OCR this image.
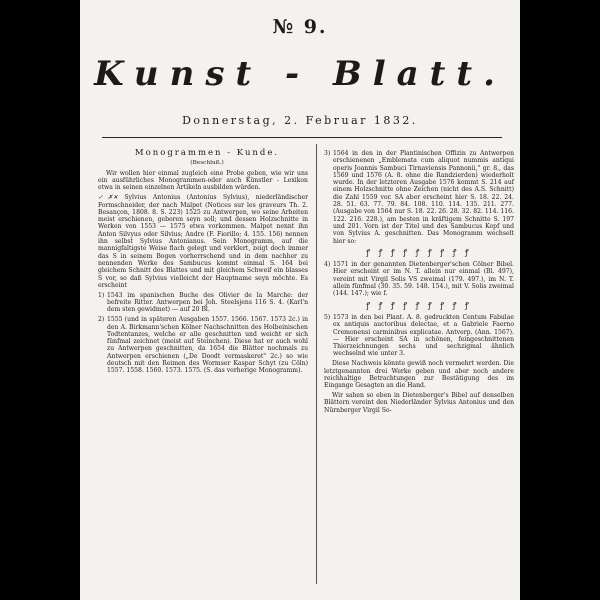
№ 9.
Kunst - Blatt.
Donnerstag, 2. Februar 1832.

Monogrammen - Kunde.

(Beschluß.)

Wir wollen hier einmal zugleich eine Probe geben, wie wir uns ein ausführliches Monogrammen-oder auch Künstler - Lexikon etwa in seinen einzelnen Artikeln ausbilden würden.

✓✗✕ Sylvius Antonius (Antonius Sylvius), niederländischer Formschneider, der nach Malpet (Notices sur les graveurs Th. 2. Besançon, 1808. 8. S. 223) 1525 zu Antwerpen, wo seine Arbeiten meist erschienen, geboren seyn soll; und dessen Holzschnitte in Werken von 1553 — 1575 etwa vorkommen. Malpet nennt ihn Anton Silvyus oder Silvius; Andre (F. Fiorillo; 4. 155. 156) nennen ihn selbst Sylvius Antonianus. Sein Monogramm, auf die mannigfaltigste Weise flach gelegt und verklert, zeigt doch immer das S in seinem Bogen vorherrschend und in dem nachher zu nennenden Werke des Sambucus kommt einmal S. 164 bei gleichem Schnitt des Blattes und mit gleichem Schweif ein blasses S vor, so daß Sylvius vielleicht der Hauptname seyn möchte. Es erscheint

1) 1543 im spanischen Buche des Olivier de la Marche: der befreite Ritter. Antwerpen bei Joh. Steelsjens 116 S. 4. (Karl'n dem sten gewidmet) — auf 20 Bl.

2) 1555 (und in späteren Ausgaben 1557. 1566. 1567. 1573 2c.) in den A. Birkmann'schen Kölner Nachschnitten des Holbeinischen Todtentanzes, welche er alle geschnitten und weicht er sich fünfmal zeichnet (meist auf Steinchen). Diese hat er auch wohl zu Antwerpen geschnitten, da 1654 die Blätter nochmals zu Antwerpen erschienen („De Doodt vermaskeret" 2c.) so wie deutsch mit den Reimen des Wormser Kaspar Schyt (zu Cöln) 1557. 1558. 1560. 1573. 1575. (S. das vorherige Monogramm).

3) 1564 in den in der Plantinischen Offizin zu Antwerpen erschienenen „Emblemata cum aliquot nummis antiqui operis Joannis Sambuci Tirnaviensis Pannonii," gr. 8., das 1569 und 1576 (A. 8. ohne die Randzierden) wiederholt wurde. In der letzteren Ausgabe 1576 kommt S. 214 auf einem Holzschnitte ohne Zeichen (nicht des A.S. Schnitt) die Zahl 1559 vor. SA aber erscheint hier S. 18. 22. 24. 28. 51. 63. 77. 79. 84. 108. 110. 114. 135. 211. 277. (Ausgabe von 1564 nur S. 18. 22. 26. 28. 32. 82. 114. 116. 122. 216. 228.), am besten in kräftigem Schnitte S. 197 und 201. Vorn ist der Titel und des Sambucus Kopf und von Sylvius A. geschnitten. Das Monogramm wechselt hier so:

ꝭ ꝭ ꝭ ꝭ ꝭ ꝭ ꝭ ꝭ ꝭ

4) 1571 in der genannten Dietenberger'schen Cölner Bibel. Hier erscheint er im N. T. allein nur einmal (Bl. 497), vereint mit Virgil Solis VS zweimal (179. 497.), im N. T. allein fünfmal (30. 35. 59. 148. 154.), mit V. Solis zweimal (144. 147.); wie f.

ꝭ ꝭ ꝭ ꝭ ꝭ ꝭ ꝭ ꝭ ꝭ

5) 1573 in den bei Plant. A. 8. gedruckten Centum Fabulae ex antiquis auctoribus delectae, et a Gabriele Faerno Cremonensi carminibus explicatae. Antverp. (Ann. 1567). — Hier erscheint SA in schönen, feingeschnittenen Thierzeichnungen sechs und sechzigmal ähnlich wechselnd wie unter 3.

Diese Nachweis könnte gewiß noch vermehrt werden. Die letztgenannten drei Werke geben und aber noch andere reichhaltige Betrachtungen zur Bestätigung des im Eingange Gesagten an die Hand.

Wir sahen so eben in Dietenberger's Bibel auf denselben Blättern vereint den Niederländer Sylvius Antonius und den Nürnberger Virgil So-
